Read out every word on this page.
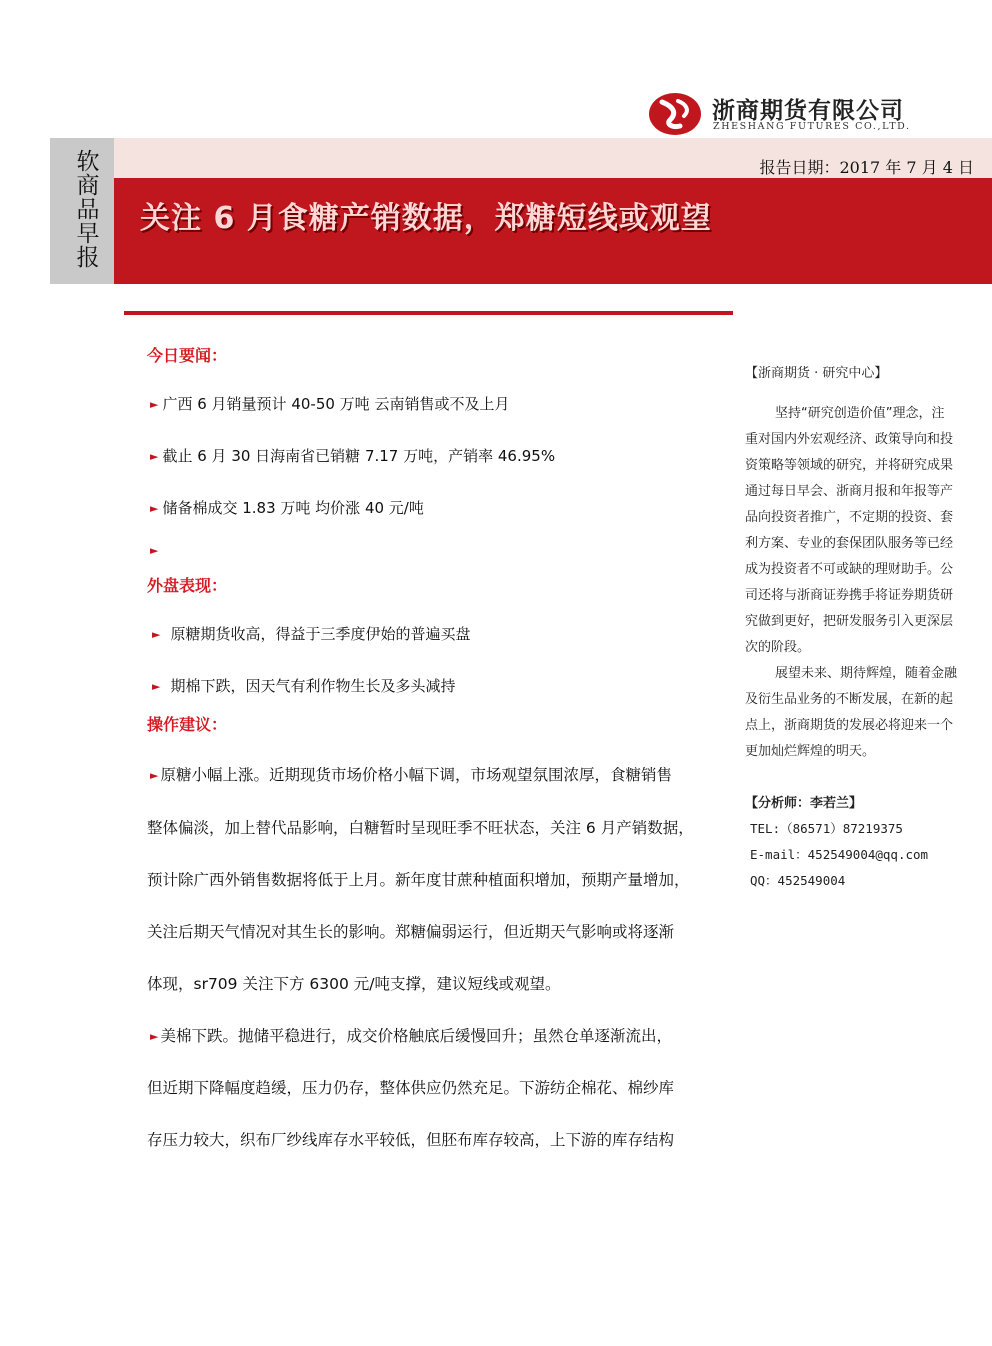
浙商期货有限公司
ZHESHANG FUTURES CO.,LTD.
软商品早报
报告日期：2017 年 7 月 4 日
关注 6 月食糖产销数据，郑糖短线或观望
今日要闻：
► 广西 6 月销量预计 40-50 万吨 云南销售或不及上月
► 截止 6 月 30 日海南省已销糖 7.17 万吨，产销率 46.95%
► 储备棉成交 1.83 万吨 均价涨 40 元/吨
►
外盘表现：
► 原糖期货收高，得益于三季度伊始的普遍买盘
► 期棉下跌，因天气有利作物生长及多头减持
操作建议：
► 原糖小幅上涨。近期现货市场价格小幅下调，市场观望氛围浓厚，食糖销售
整体偏淡，加上替代品影响，白糖暂时呈现旺季不旺状态，关注 6 月产销数据，
预计除广西外销售数据将低于上月。新年度甘蔗种植面积增加，预期产量增加，
关注后期天气情况对其生长的影响。郑糖偏弱运行，但近期天气影响或将逐渐
体现，sr709 关注下方 6300 元/吨支撑，建议短线或观望。
► 美棉下跌。抛储平稳进行，成交价格触底后缓慢回升；虽然仓单逐渐流出，
但近期下降幅度趋缓，压力仍存，整体供应仍然充足。下游纺企棉花、棉纱库
存压力较大，织布厂纱线库存水平较低，但胚布库存较高，上下游的库存结构
【浙商期货 · 研究中心】
坚持“研究创造价值”理念，注
重对国内外宏观经济、政策导向和投
资策略等领域的研究，并将研究成果
通过每日早会、浙商月报和年报等产
品向投资者推广，不定期的投资、套
利方案、专业的套保团队服务等已经
成为投资者不可或缺的理财助手。公
司还将与浙商证券携手将证券期货研
究做到更好，把研发服务引入更深层
次的阶段。
展望未来、期待辉煌，随着金融
及衍生品业务的不断发展，在新的起
点上，浙商期货的发展必将迎来一个
更加灿烂辉煌的明天。
【分析师：李若兰】
TEL:（86571）87219375
E-mail：452549004@qq.com
QQ：452549004
